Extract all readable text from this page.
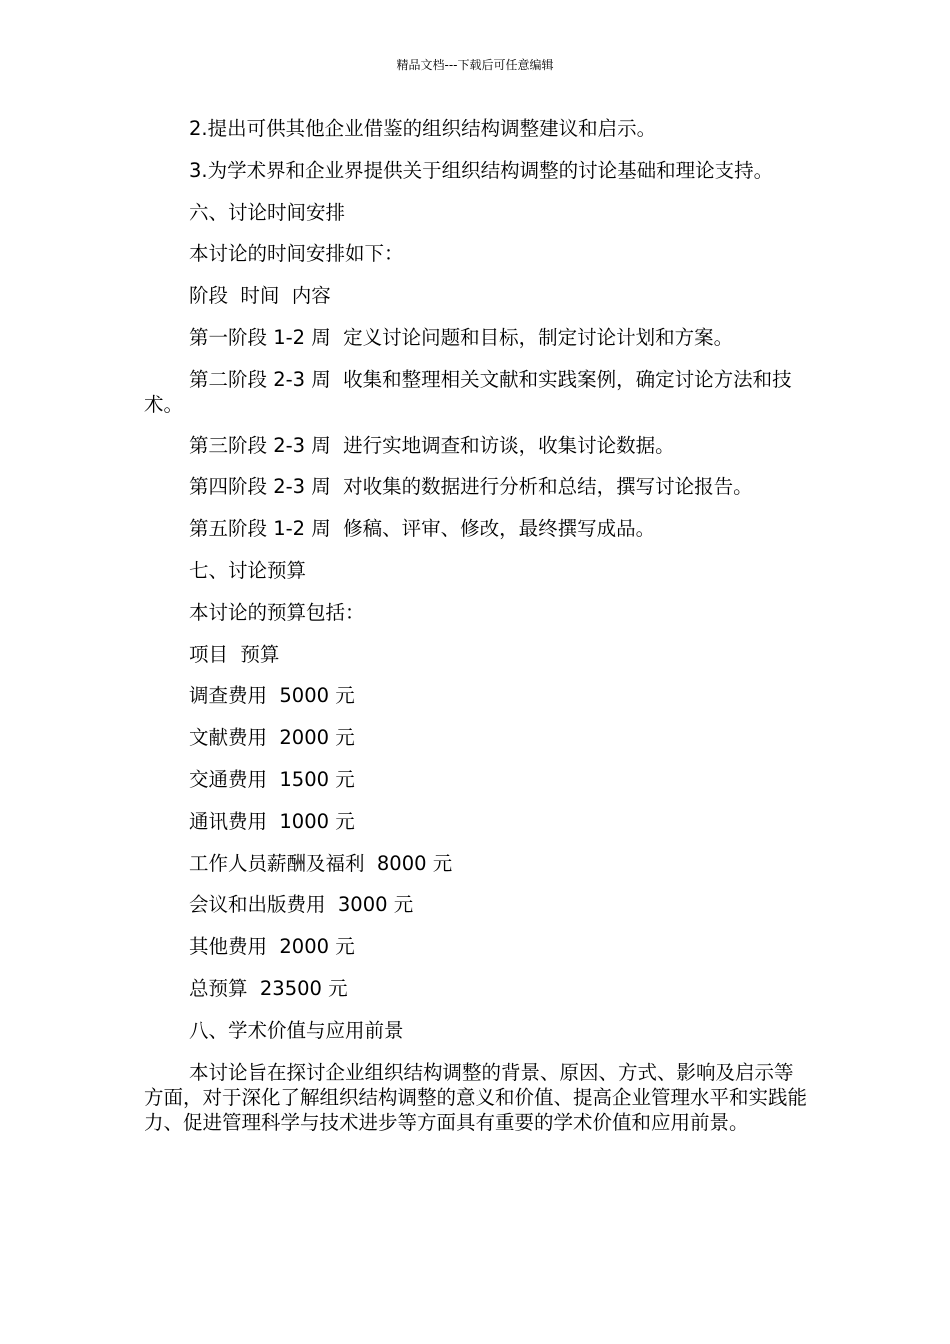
精品文档---下载后可任意编辑

2.提出可供其他企业借鉴的组织结构调整建议和启示。

3.为学术界和企业界提供关于组织结构调整的讨论基础和理论支持。

六、讨论时间安排

本讨论的时间安排如下：

阶段  时间  内容

第一阶段 1-2 周  定义讨论问题和目标，制定讨论计划和方案。

第二阶段 2-3 周  收集和整理相关文献和实践案例，确定讨论方法和技术。

第三阶段 2-3 周  进行实地调查和访谈，收集讨论数据。

第四阶段 2-3 周  对收集的数据进行分析和总结，撰写讨论报告。

第五阶段 1-2 周  修稿、评审、修改，最终撰写成品。

七、讨论预算

本讨论的预算包括：

项目  预算

调查费用  5000 元

文献费用  2000 元

交通费用  1500 元

通讯费用  1000 元

工作人员薪酬及福利  8000 元

会议和出版费用  3000 元

其他费用  2000 元

总预算  23500 元

八、学术价值与应用前景

本讨论旨在探讨企业组织结构调整的背景、原因、方式、影响及启示等方面，对于深化了解组织结构调整的意义和价值、提高企业管理水平和实践能力、促进管理科学与技术进步等方面具有重要的学术价值和应用前景。
